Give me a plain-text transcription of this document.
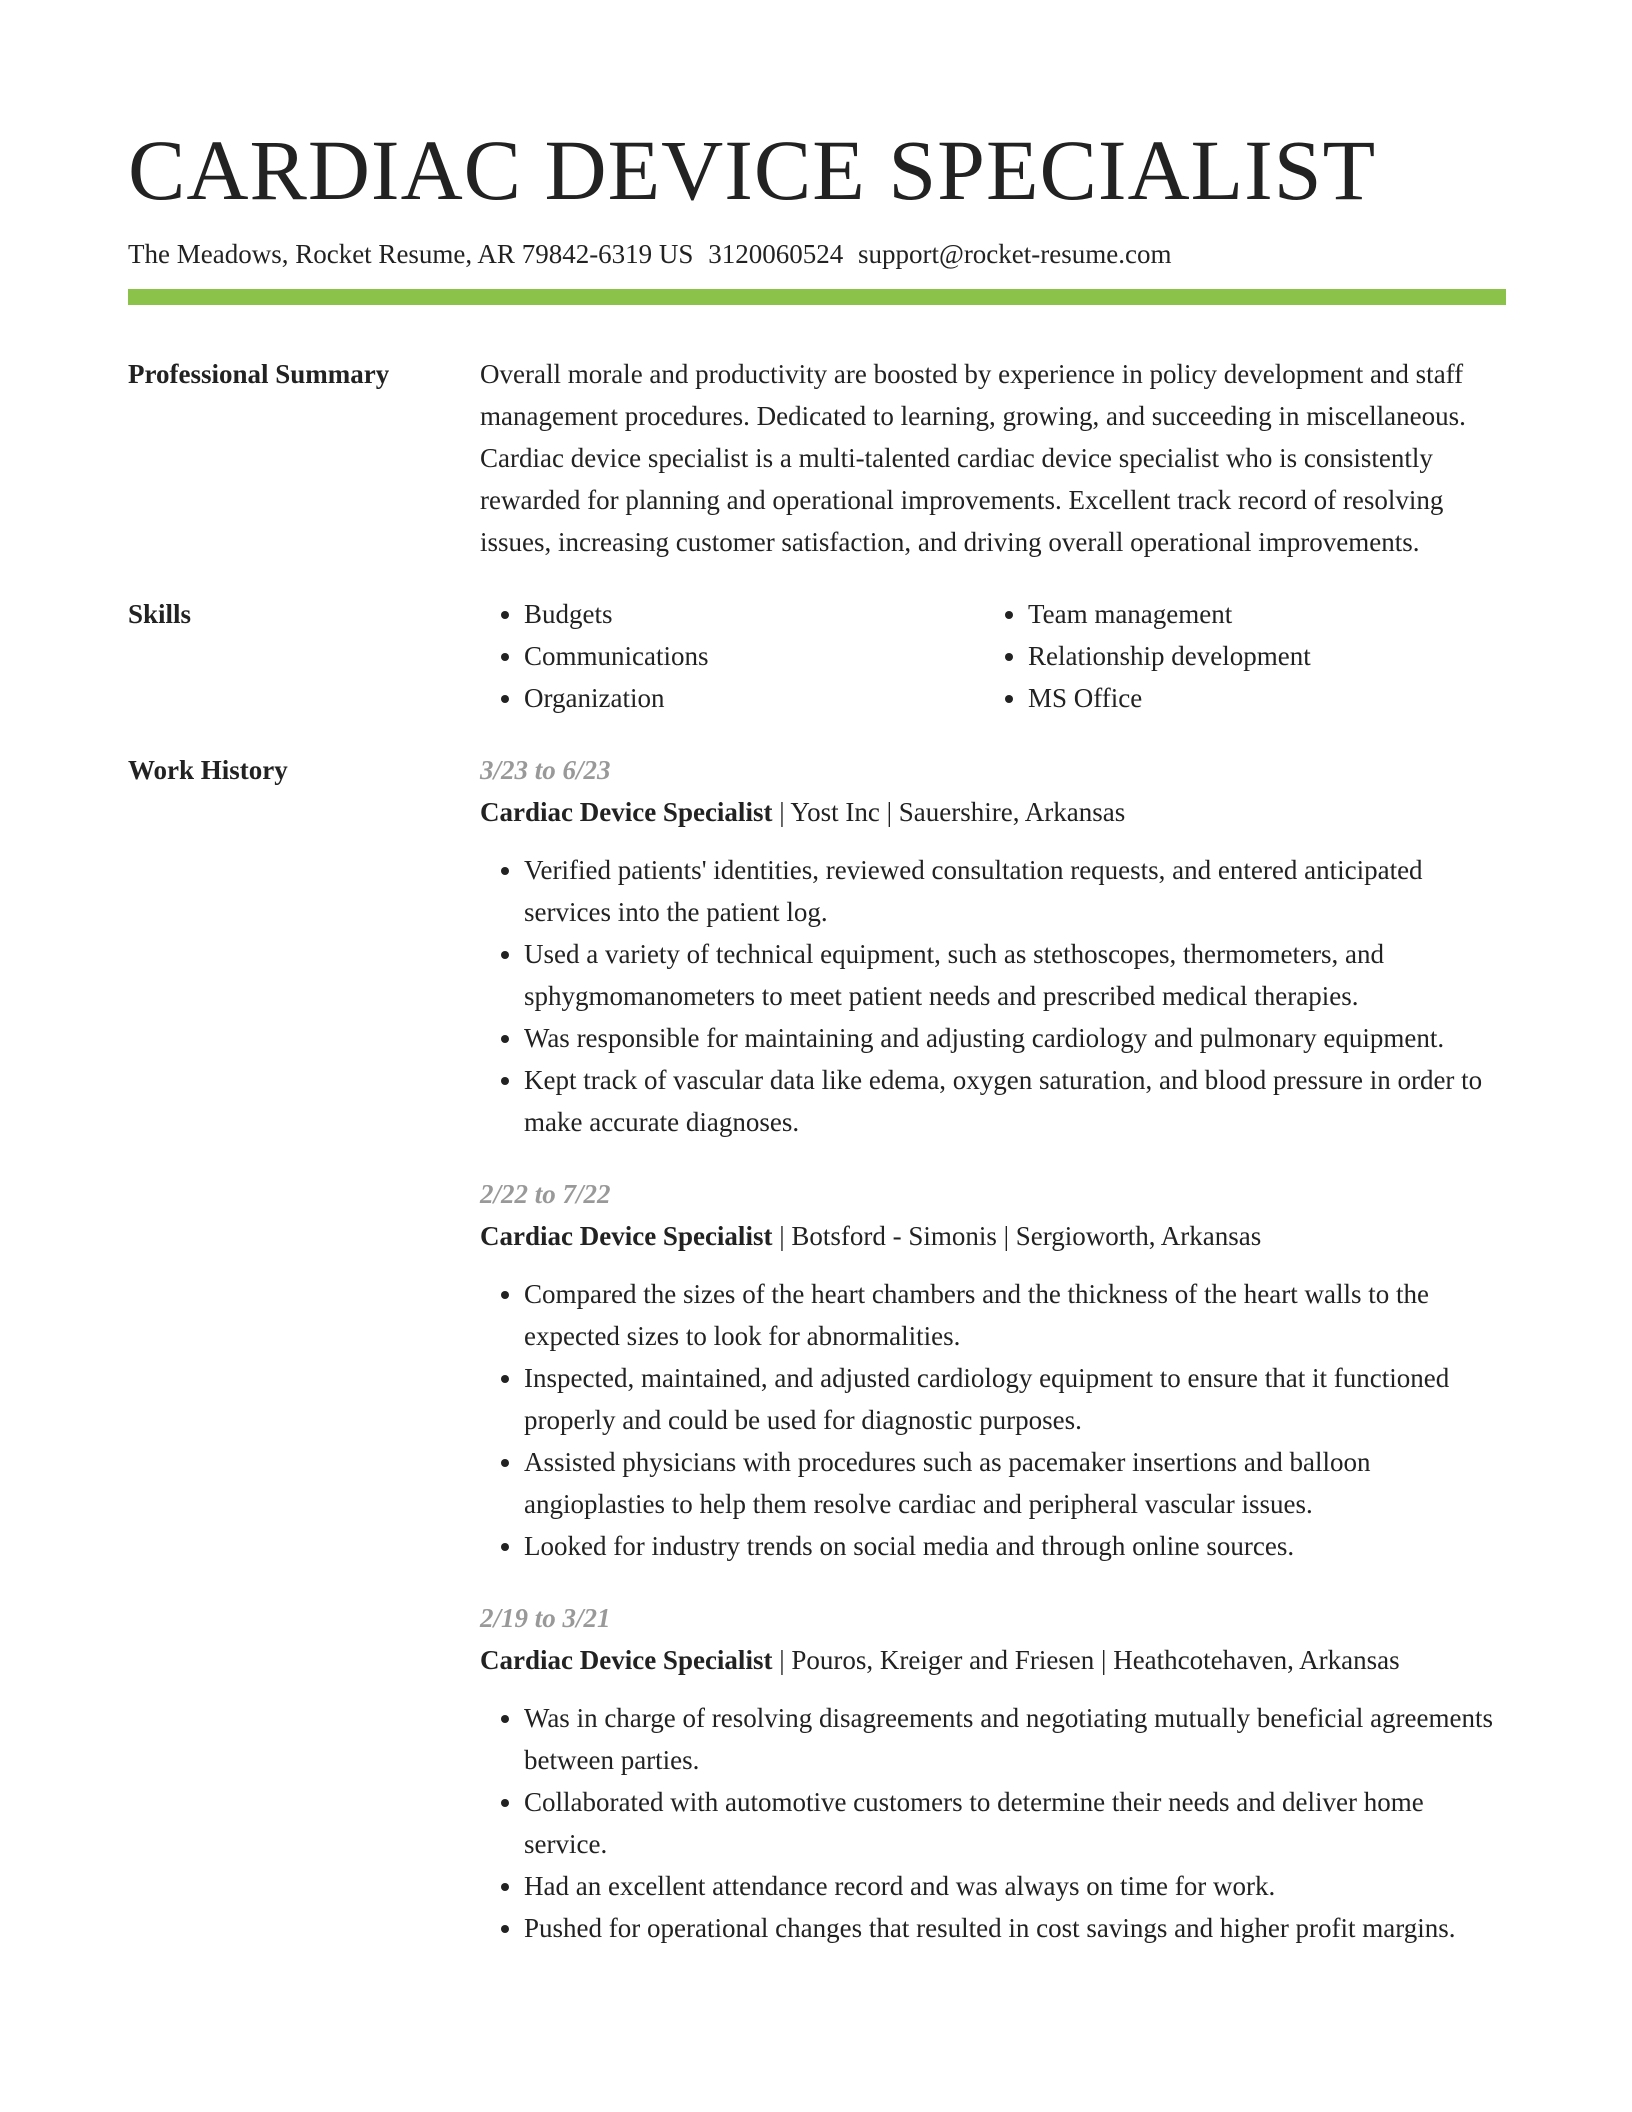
CARDIAC DEVICE SPECIALIST
The Meadows, Rocket Resume, AR 79842-6319 US 3120060524 support@rocket-resume.com
Professional Summary	Overall morale and productivity are boosted by experience in policy development and staff management procedures. Dedicated to learning, growing, and succeeding in miscellaneous. Cardiac device specialist is a multi-talented cardiac device specialist who is consistently rewarded for planning and operational improvements. Excellent track record of resolving issues, increasing customer satisfaction, and driving overall operational improvements.

Skills
•	Budgets
• Communications
• Organization
• Team management
• Relationship development
• MS Office
Work History	3/23 to 6/23
Cardiac Device Specialist | Yost Inc | Sauershire, Arkansas
• Verified patients' identities, reviewed consultation requests, and entered anticipated services into the patient log.
• Used a variety of technical equipment, such as stethoscopes, thermometers, and sphygmomanometers to meet patient needs and prescribed medical therapies.
• Was responsible for maintaining and adjusting cardiology and pulmonary equipment.
• Kept track of vascular data like edema, oxygen saturation, and blood pressure in order to make accurate diagnoses.
2/22 to 7/22
Cardiac Device Specialist | Botsford - Simonis | Sergioworth, Arkansas
• Compared the sizes of the heart chambers and the thickness of the heart walls to the expected sizes to look for abnormalities.
• Inspected, maintained, and adjusted cardiology equipment to ensure that it functioned properly and could be used for diagnostic purposes.
• Assisted physicians with procedures such as pacemaker insertions and balloon angioplasties to help them resolve cardiac and peripheral vascular issues.
• Looked for industry trends on social media and through online sources.
2/19 to 3/21
Cardiac Device Specialist | Pouros, Kreiger and Friesen | Heathcotehaven, Arkansas
• Was in charge of resolving disagreements and negotiating mutually beneficial agreements between parties.
• Collaborated with automotive customers to determine their needs and deliver home service.
• Had an excellent attendance record and was always on time for work.
• Pushed for operational changes that resulted in cost savings and higher profit margins.
